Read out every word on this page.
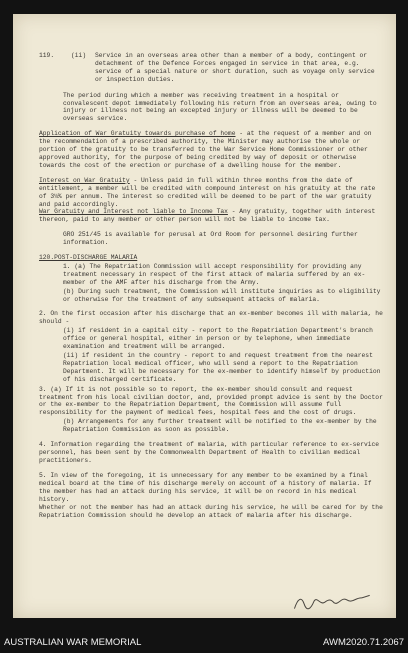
119.	(ii) Service in an overseas area other than a member of a body, contingent or detachment of the Defence Forces engaged in service in that area, e.g. service of a special nature or short duration, such as voyage only service or inspection duties.

The period during which a member was receiving treatment in a hospital or convalescent depot immediately following his return from an overseas area, owing to injury or illness not being an excepted injury or illness will be deemed to be overseas service.

Application of War Gratuity towards purchase of home - at the request of a member and on the recommendation of a prescribed authority, the Minister may authorise the whole or portion of the gratuity to be transferred to the War Service Home Commissioner or other approved authority, for the purpose of being credited by way of deposit or otherwise towards the cost of the erection or purchase of a dwelling house for the member.

Interest on War Gratuity - Unless paid in full within three months from the date of entitlement, a member will be credited with compound interest on his gratuity at the rate of 3¼% per annum. The interest so credited will be deemed to be part of the war gratuity and paid accordingly.

War Gratuity and Interest not liable to Income Tax - Any gratuity, together with interest thereon, paid to any member or other person will not be liable to income tax.

GRO 251/45 is available for perusal at Ord Room for personnel desiring further information.

120.POST-DISCHARGE MALARIA

1. (a) The Repatriation Commission will accept responsibility for providing any treatment necessary in respect of the first attack of malaria suffered by an ex-member of the AMF after his discharge from the Army.

(b) During such treatment, the Commission will institute inquiries as to eligibility or otherwise for the treatment of any subsequent attacks of malaria.

2. On the first occasion after his discharge that an ex-member becomes ill with malaria, he should -

(i) if resident in a capital city - report to the Repatriation Department's branch office or general hospital, either in person or by telephone, when immediate examination and treatment will be arranged.

(ii) if resident in the country - report to and request treatment from the nearest Repatriation local medical officer, who will send a report to the Repatriation Department. It will be necessary for the ex-member to identify himself by production of his discharged certificate.

3. (a) If it is not possible so to report, the ex-member should consult and request treatment from his local civilian doctor, and, provided prompt advice is sent by the Doctor or the ex-member to the Repatriation Department, the Commission will assume full responsibility for the payment of medical fees, hospital fees and the cost of drugs.

(b) Arrangements for any further treatment will be notified to the ex-member by the Repatriation Commission as soon as possible.

4. Information regarding the treatment of malaria, with particular reference to ex-service personnel, has been sent by the Commonwealth Department of Health to civilian medical practitioners.

5. In view of the foregoing, it is unnecessary for any member to be examined by a final medical board at the time of his discharge merely on account of a history of malaria. If the member has had an attack during his service, it will be on record in his medical history.

Whether or not the member has had an attack during his service, he will be cared for by the Repatriation Commission should he develop an attack of malaria after his discharge.

AUSTRALIAN WAR MEMORIAL	AWM2020.71.2067
